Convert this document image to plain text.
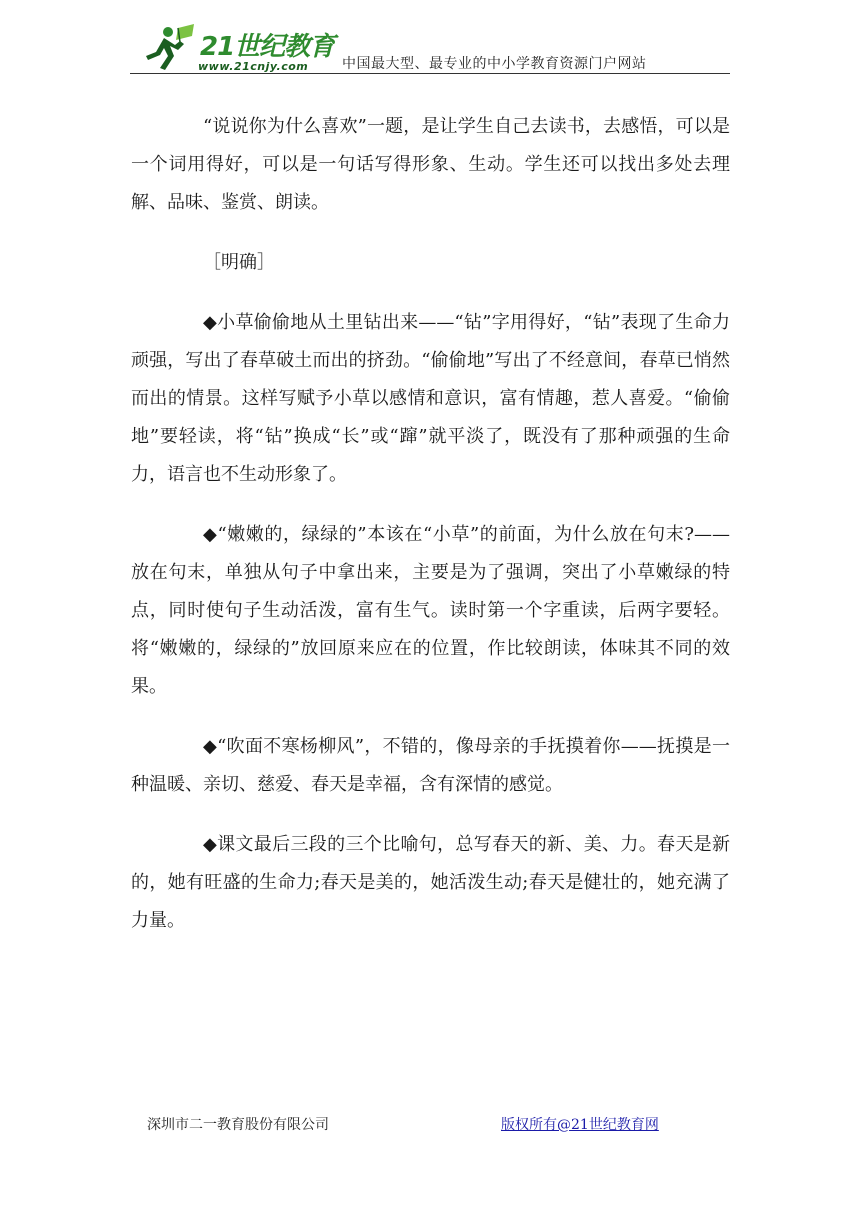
21世纪教育
www.21cnjy.com 中国最大型、最专业的中小学教育资源门户网站

“说说你为什么喜欢”一题，是让学生自己去读书，去感悟，可以是一个词用得好，可以是一句话写得形象、生动。学生还可以找出多处去理解、品味、鉴赏、朗读。

［明确］

◆小草偷偷地从土里钻出来——“钻”字用得好，“钻”表现了生命力顽强，写出了春草破土而出的挤劲。“偷偷地”写出了不经意间，春草已悄然而出的情景。这样写赋予小草以感情和意识，富有情趣，惹人喜爱。“偷偷地”要轻读，将“钻”换成“长”或“蹿”就平淡了，既没有了那种顽强的生命力，语言也不生动形象了。

◆“嫩嫩的，绿绿的”本该在“小草”的前面，为什么放在句末?——放在句末，单独从句子中拿出来，主要是为了强调，突出了小草嫩绿的特点，同时使句子生动活泼，富有生气。读时第一个字重读，后两字要轻。将“嫩嫩的，绿绿的”放回原来应在的位置，作比较朗读，体味其不同的效果。

◆“吹面不寒杨柳风”，不错的，像母亲的手抚摸着你——抚摸是一种温暖、亲切、慈爱、春天是幸福，含有深情的感觉。

◆课文最后三段的三个比喻句，总写春天的新、美、力。春天是新的，她有旺盛的生命力;春天是美的，她活泼生动;春天是健壮的，她充满了力量。

深圳市二一教育股份有限公司	版权所有@21世纪教育网
